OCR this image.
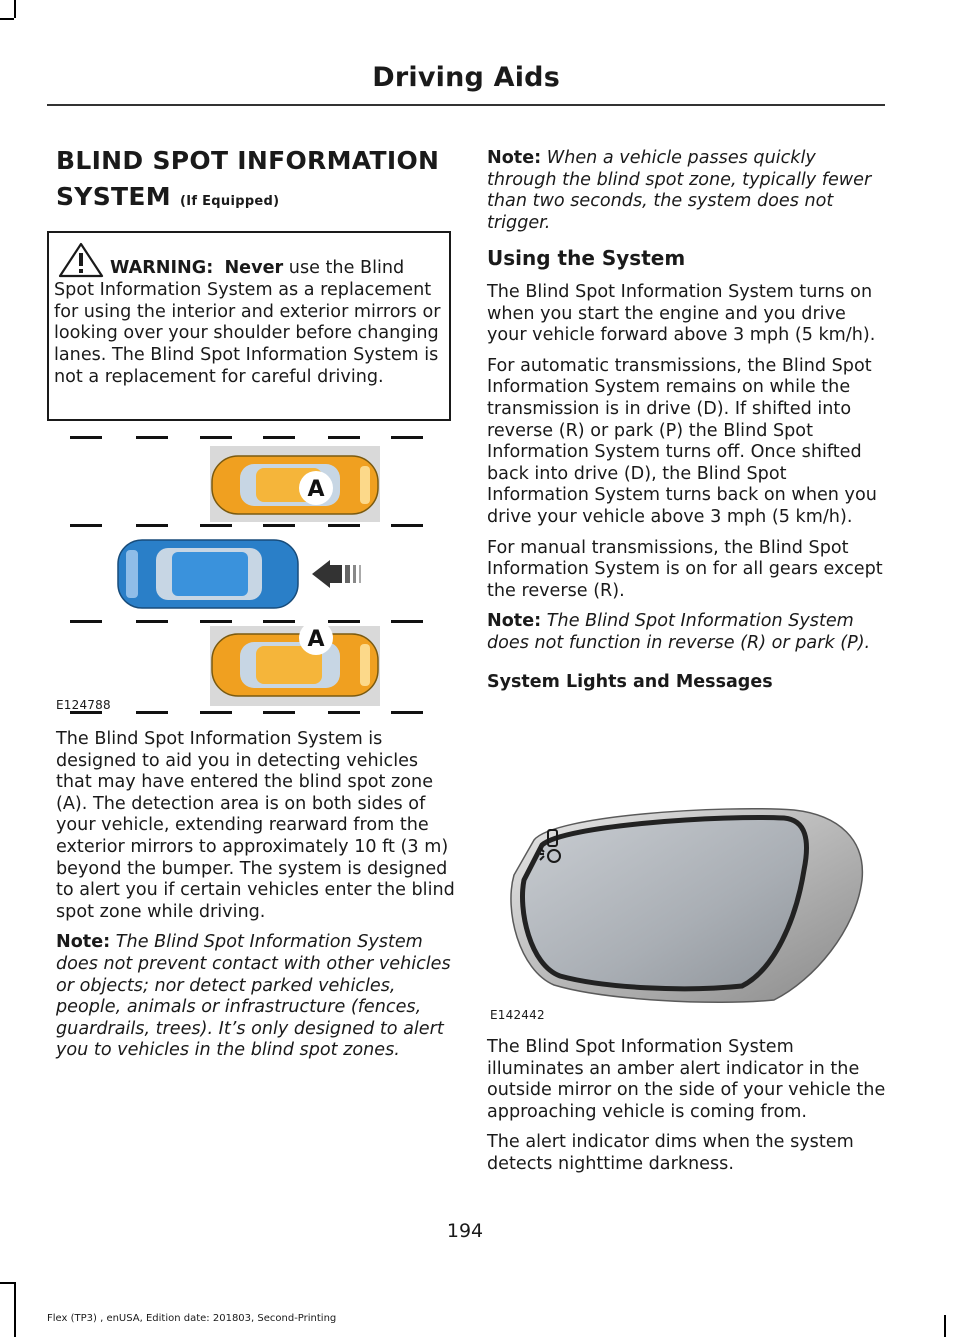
Driving Aids
BLIND SPOT INFORMATION SYSTEM (If Equipped)
WARNING: Never use the Blind Spot Information System as a replacement for using the interior and exterior mirrors or looking over your shoulder before changing lanes. The Blind Spot Information System is not a replacement for careful driving.
A
A
E124788

The Blind Spot Information System is designed to aid you in detecting vehicles that may have entered the blind spot zone (A). The detection area is on both sides of your vehicle, extending rearward from the exterior mirrors to approximately 10 ft (3 m) beyond the bumper. The system is designed to alert you if certain vehicles enter the blind spot zone while driving.

Note: The Blind Spot Information System does not prevent contact with other vehicles or objects; nor detect parked vehicles, people, animals or infrastructure (fences, guardrails, trees). It’s only designed to alert you to vehicles in the blind spot zones.

Note: When a vehicle passes quickly through the blind spot zone, typically fewer than two seconds, the system does not trigger.

Using the System

The Blind Spot Information System turns on when you start the engine and you drive your vehicle forward above 3 mph (5 km/h).

For automatic transmissions, the Blind Spot Information System remains on while the transmission is in drive (D). If shifted into reverse (R) or park (P) the Blind Spot Information System turns off. Once shifted back into drive (D), the Blind Spot Information System turns back on when you drive your vehicle above 3 mph (5 km/h).

For manual transmissions, the Blind Spot Information System is on for all gears except the reverse (R).

Note: The Blind Spot Information System does not function in reverse (R) or park (P).

System Lights and Messages
E142442

The Blind Spot Information System illuminates an amber alert indicator in the outside mirror on the side of your vehicle the approaching vehicle is coming from.

The alert indicator dims when the system detects nighttime darkness.

194
Flex (TP3) , enUSA, Edition date: 201803, Second-Printing
